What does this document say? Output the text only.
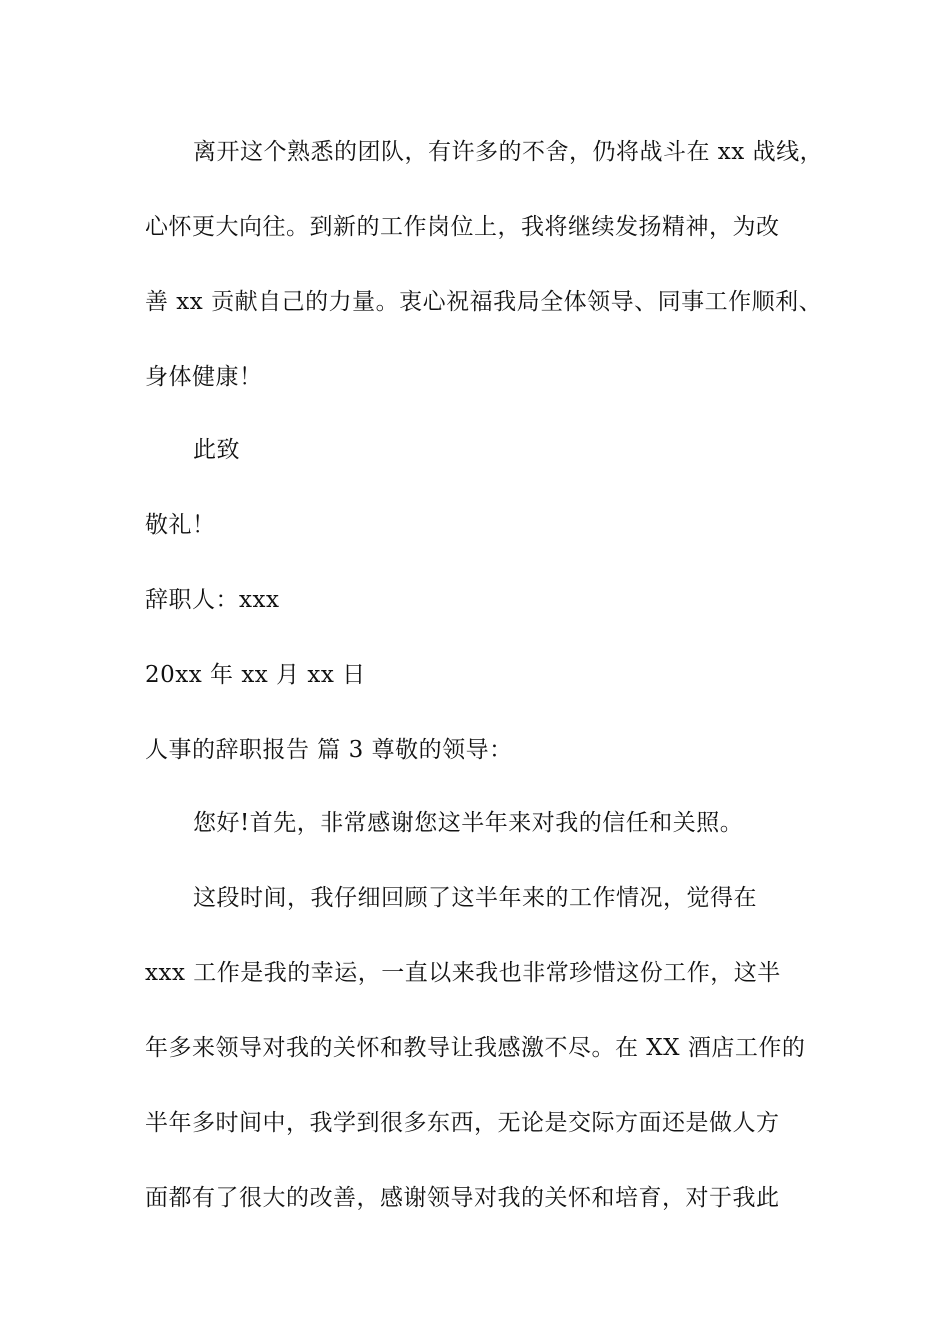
离开这个熟悉的团队，有许多的不舍，仍将战斗在 xx 战线，
心怀更大向往。到新的工作岗位上，我将继续发扬精神，为改
善 xx 贡献自己的力量。衷心祝福我局全体领导、同事工作顺利、
身体健康！
此致
敬礼！
辞职人：xxx
20xx 年 xx 月 xx 日
人事的辞职报告 篇 3 尊敬的领导：
您好!首先，非常感谢您这半年来对我的信任和关照。
这段时间，我仔细回顾了这半年来的工作情况，觉得在
xxx 工作是我的幸运，一直以来我也非常珍惜这份工作，这半
年多来领导对我的关怀和教导让我感激不尽。在 XX 酒店工作的
半年多时间中，我学到很多东西，无论是交际方面还是做人方
面都有了很大的改善，感谢领导对我的关怀和培育，对于我此
